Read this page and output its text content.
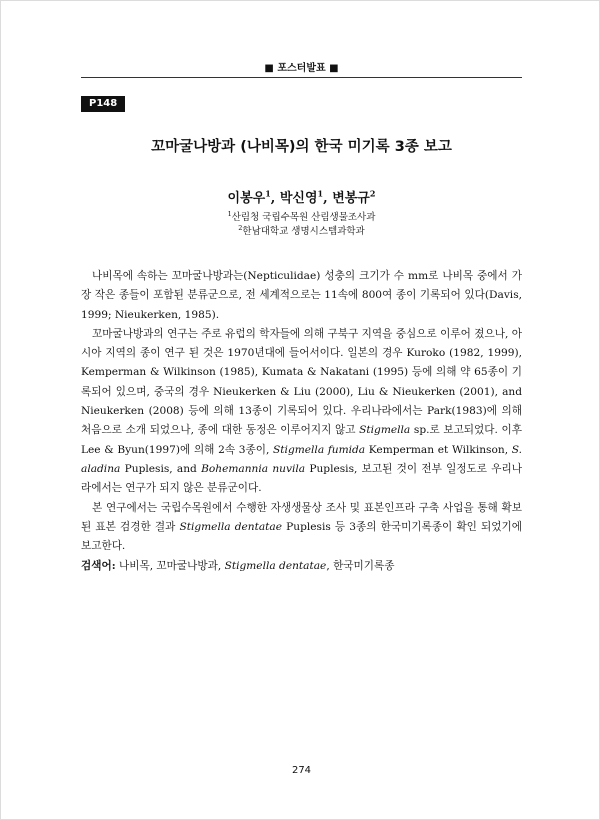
■ 포스터발표 ■
P148
꼬마굴나방과 (나비목)의 한국 미기록 3종 보고
이봉우$^1$, 박신영$^1$, 변봉규$^2$
$^1$산림청 국립수목원 산림생물조사과
$^2$한남대학교 생명시스템과학과

나비목에 속하는 꼬마굴나방과는(Nepticulidae) 성충의 크기가 수 mm로 나비목 중에서 가장 작은 종들이 포함된 분류군으로, 전 세계적으로는 11속에 800여 종이 기록되어 있다(Davis, 1999; Nieukerken, 1985).

꼬마굴나방과의 연구는 주로 유럽의 학자들에 의해 구북구 지역을 중심으로 이루어 졌으나, 아시아 지역의 종이 연구 된 것은 1970년대에 들어서이다. 일본의 경우 Kuroko (1982, 1999), Kemperman & Wilkinson (1985), Kumata & Nakatani (1995) 등에 의해 약 65종이 기록되어 있으며, 중국의 경우 Nieukerken & Liu (2000), Liu & Nieukerken (2001), and Nieukerken (2008) 등에 의해 13종이 기록되어 있다. 우리나라에서는 Park(1983)에 의해 처음으로 소개 되었으나, 종에 대한 동정은 이루어지지 않고 Stigmella sp.로 보고되었다. 이후 Lee & Byun(1997)에 의해 2속 3종이, Stigmella fumida Kemperman et Wilkinson, S. aladina Puplesis, and Bohemannia nuvila Puplesis, 보고된 것이 전부 일정도로 우리나라에서는 연구가 되지 않은 분류군이다.

본 연구에서는 국립수목원에서 수행한 자생생물상 조사 및 표본인프라 구축 사업을 통해 확보된 표본 검경한 결과 Stigmella dentatae Puplesis 등 3종의 한국미기록종이 확인 되었기에 보고한다.

검색어: 나비목, 꼬마굴나방과, Stigmella dentatae, 한국미기록종
274
